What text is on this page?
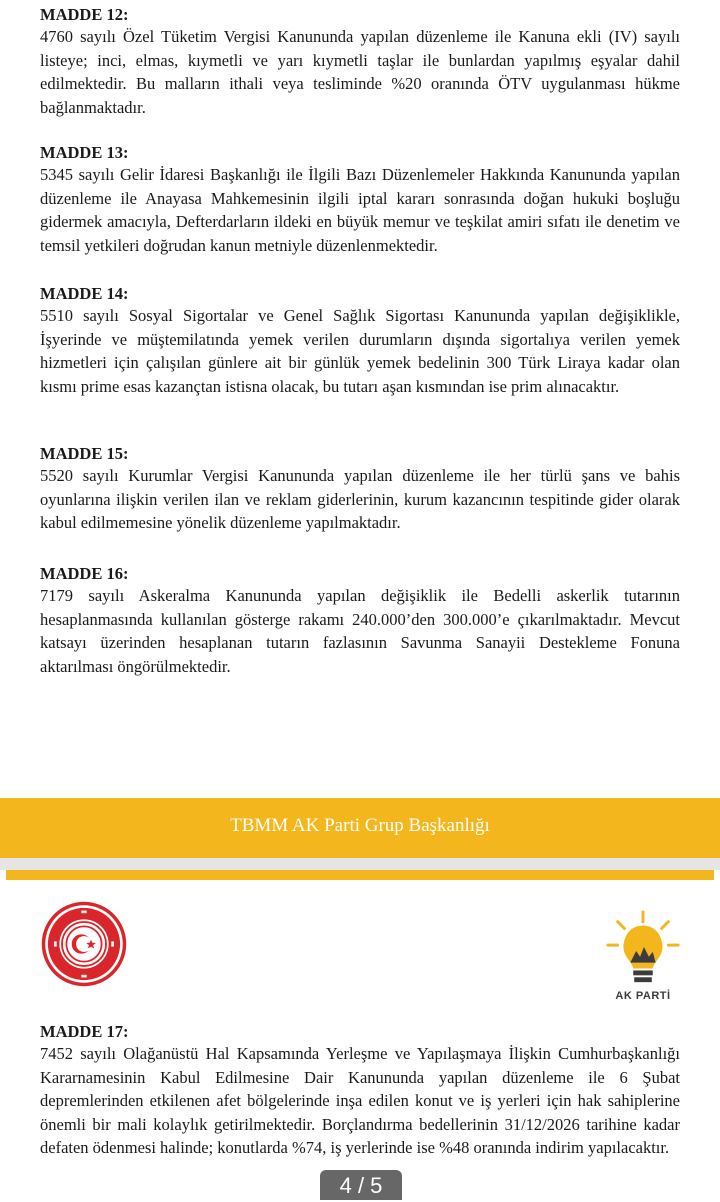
MADDE 12:

4760 sayılı Özel Tüketim Vergisi Kanununda yapılan düzenleme ile Kanuna ekli (IV) sayılı listeye; inci, elmas, kıymetli ve yarı kıymetli taşlar ile bunlardan yapılmış eşyalar dahil edilmektedir. Bu malların ithali veya tesliminde %20 oranında ÖTV uygulanması hükme bağlanmaktadır.

MADDE 13:

5345 sayılı Gelir İdaresi Başkanlığı ile İlgili Bazı Düzenlemeler Hakkında Kanununda yapılan düzenleme ile Anayasa Mahkemesinin ilgili iptal kararı sonrasında doğan hukuki boşluğu gidermek amacıyla, Defterdarların ildeki en büyük memur ve teşkilat amiri sıfatı ile denetim ve temsil yetkileri doğrudan kanun metniyle düzenlenmektedir.

MADDE 14:

5510 sayılı Sosyal Sigortalar ve Genel Sağlık Sigortası Kanununda yapılan değişiklikle, İşyerinde ve müştemilatında yemek verilen durumların dışında sigortalıya verilen yemek hizmetleri için çalışılan günlere ait bir günlük yemek bedelinin 300 Türk Liraya kadar olan kısmı prime esas kazançtan istisna olacak, bu tutarı aşan kısmından ise prim alınacaktır.

MADDE 15:

5520 sayılı Kurumlar Vergisi Kanununda yapılan düzenleme ile her türlü şans ve bahis oyunlarına ilişkin verilen ilan ve reklam giderlerinin, kurum kazancının tespitinde gider olarak kabul edilmemesine yönelik düzenleme yapılmaktadır.

MADDE 16:

7179 sayılı Askeralma Kanununda yapılan değişiklik ile Bedelli askerlik tutarının hesaplanmasında kullanılan gösterge rakamı 240.000’den 300.000’e çıkarılmaktadır. Mevcut katsayı üzerinden hesaplanan tutarın fazlasının Savunma Sanayii Destekleme Fonuna aktarılması öngörülmektedir.

TBMM AK Parti Grup Başkanlığı
AK PARTİ

MADDE 17:

7452 sayılı Olağanüstü Hal Kapsamında Yerleşme ve Yapılaşmaya İlişkin Cumhurbaşkanlığı Kararnamesinin Kabul Edilmesine Dair Kanununda yapılan düzenleme ile 6 Şubat depremlerinden etkilenen afet bölgelerinde inşa edilen konut ve iş yerleri için hak sahiplerine önemli bir mali kolaylık getirilmektedir. Borçlandırma bedellerinin 31/12/2026 tarihine kadar defaten ödenmesi halinde; konutlarda %74, iş yerlerinde ise %48 oranında indirim yapılacaktır.

4 / 5
